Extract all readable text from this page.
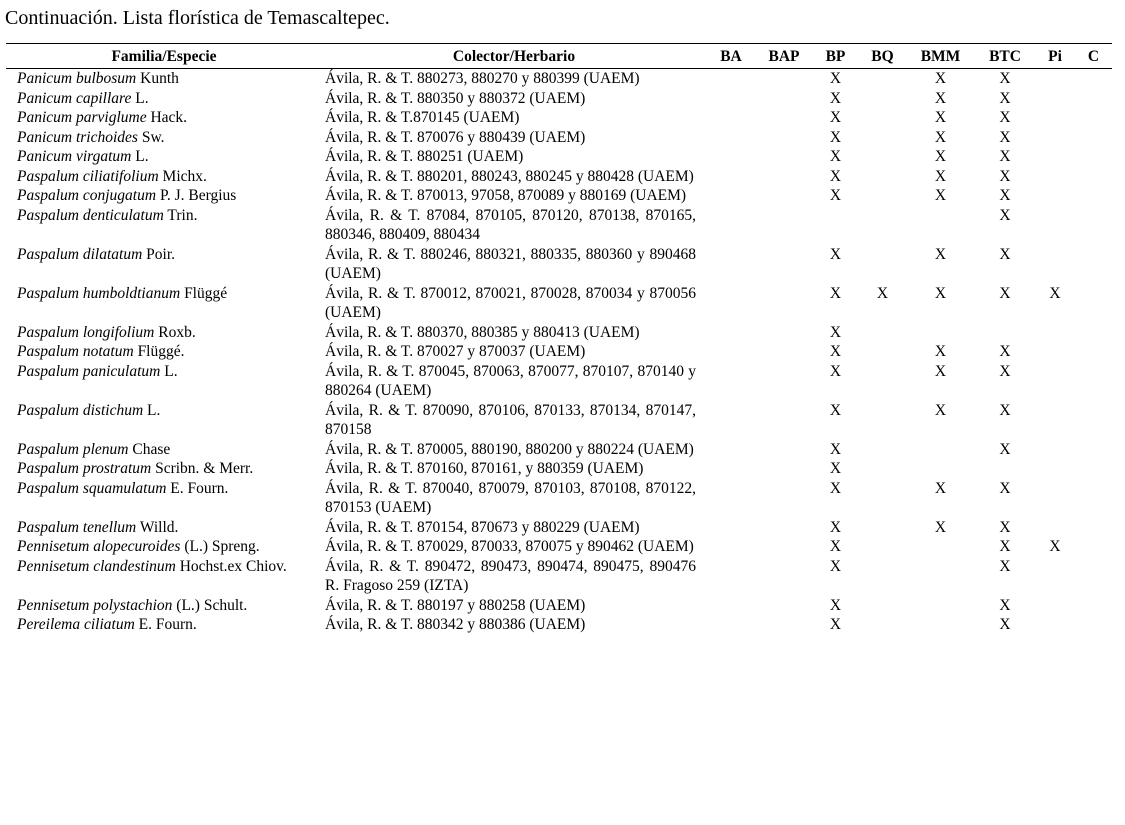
Continuación. Lista florística de Temascaltepec.
Familia/Especie	Colector/Herbario	BA	BAP	BP	BQ	BMM	BTC	Pi	C
Panicum bulbosum Kunth	Ávila, R. & T. 880273, 880270 y 880399 (UAEM)			X		X	X		
Panicum capillare L.	Ávila, R. & T. 880350 y 880372 (UAEM)			X		X	X		
Panicum parviglume Hack.	Ávila, R. & T.870145 (UAEM)			X		X	X		
Panicum trichoides Sw.	Ávila, R. & T. 870076 y 880439 (UAEM)			X		X	X		
Panicum virgatum L.	Ávila, R. & T. 880251 (UAEM)			X		X	X		
Paspalum ciliatifolium Michx.	Ávila, R. & T. 880201, 880243, 880245 y 880428 (UAEM)			X		X	X		
Paspalum conjugatum P. J. Bergius	Ávila, R. & T. 870013, 97058, 870089 y 880169 (UAEM)			X		X	X		
Paspalum denticulatum Trin.	Ávila, R. & T. 87084, 870105, 870120, 870138, 870165, 880346, 880409, 880434						X		
Paspalum dilatatum Poir.	Ávila, R. & T. 880246, 880321, 880335, 880360 y 890468 (UAEM)			X		X	X		
Paspalum humboldtianum Flüggé	Ávila, R. & T. 870012, 870021, 870028, 870034 y 870056 (UAEM)			X	X	X	X	X	
Paspalum longifolium Roxb.	Ávila, R. & T. 880370, 880385 y 880413 (UAEM)			X					
Paspalum notatum Flüggé.	Ávila, R. & T. 870027 y 870037 (UAEM)			X		X	X		
Paspalum paniculatum L.	Ávila, R. & T. 870045, 870063, 870077, 870107, 870140 y 880264 (UAEM)			X		X	X		
Paspalum distichum L.	Ávila, R. & T. 870090, 870106, 870133, 870134, 870147, 870158			X		X	X		
Paspalum plenum Chase	Ávila, R. & T. 870005, 880190, 880200 y 880224 (UAEM)			X			X		
Paspalum prostratum Scribn. & Merr.	Ávila, R. & T. 870160, 870161, y 880359 (UAEM)			X					
Paspalum squamulatum E. Fourn.	Ávila, R. & T. 870040, 870079, 870103, 870108, 870122, 870153 (UAEM)			X		X	X		
Paspalum tenellum Willd.	Ávila, R. & T. 870154, 870673 y 880229 (UAEM)			X		X	X		
Pennisetum alopecuroides (L.) Spreng.	Ávila, R. & T. 870029, 870033, 870075 y 890462 (UAEM)			X			X	X	
Pennisetum clandestinum Hochst.ex Chiov.	Ávila, R. & T. 890472, 890473, 890474, 890475, 890476 R. Fragoso 259 (IZTA)			X			X		
Pennisetum polystachion (L.) Schult.	Ávila, R. & T. 880197 y 880258 (UAEM)			X			X		
Pereilema ciliatum E. Fourn.	Ávila, R. & T. 880342 y 880386 (UAEM)			X			X		
